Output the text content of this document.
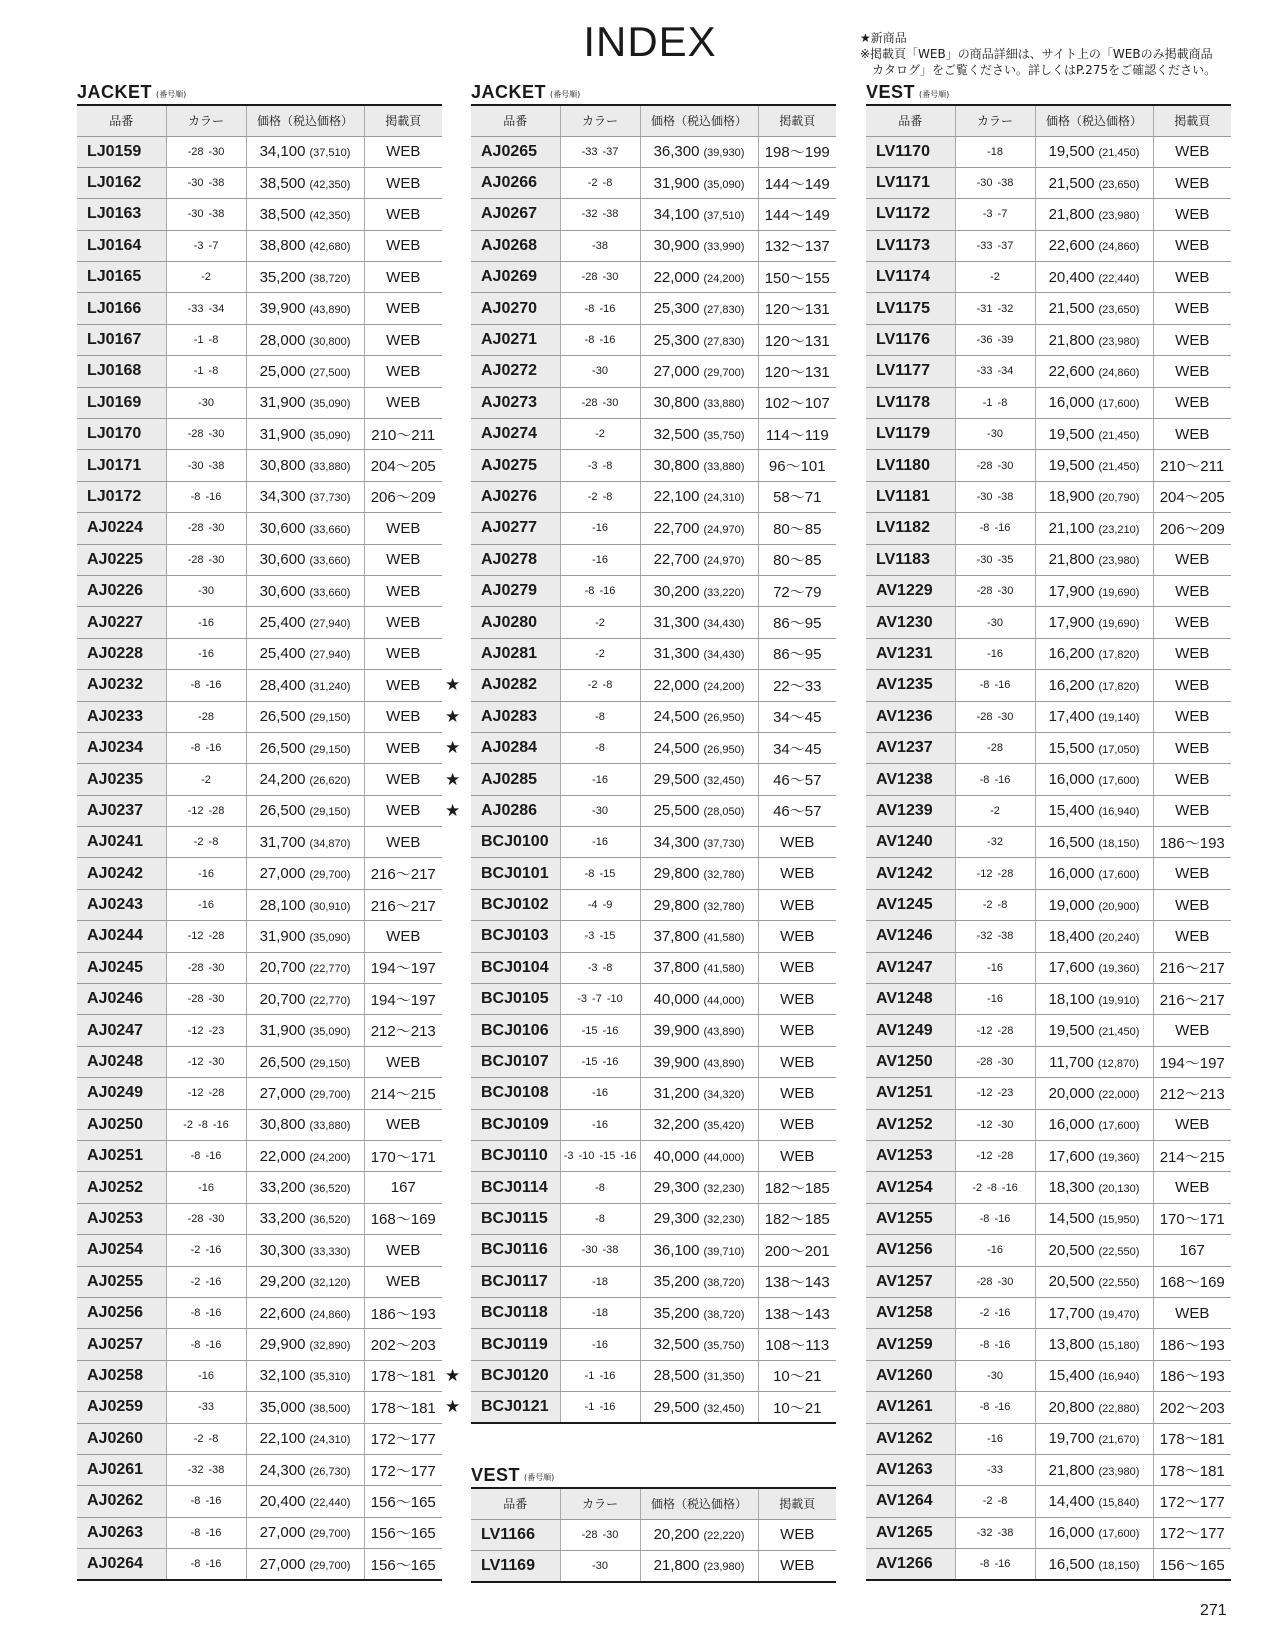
INDEX	★新商品
※掲載頁「WEB」の商品詳細は、サイト上の「WEBのみ掲載商品
カタログ」をご覧ください。詳しくはP.275をご確認ください。
JACKET (番号順)
品番	カラー	価格（税込価格）	掲載頁
LJ0159	-28 -30	34,100 (37,510)	WEB
LJ0162	-30 -38	38,500 (42,350)	WEB
LJ0163	-30 -38	38,500 (42,350)	WEB
LJ0164	-3 -7	38,800 (42,680)	WEB
LJ0165	-2	35,200 (38,720)	WEB
LJ0166	-33 -34	39,900 (43,890)	WEB
LJ0167	-1 -8	28,000 (30,800)	WEB
LJ0168	-1 -8	25,000 (27,500)	WEB
LJ0169	-30	31,900 (35,090)	WEB
LJ0170	-28 -30	31,900 (35,090)	210〜211
LJ0171	-30 -38	30,800 (33,880)	204〜205
LJ0172	-8 -16	34,300 (37,730)	206〜209
AJ0224	-28 -30	30,600 (33,660)	WEB
AJ0225	-28 -30	30,600 (33,660)	WEB
AJ0226	-30	30,600 (33,660)	WEB
AJ0227	-16	25,400 (27,940)	WEB
AJ0228	-16	25,400 (27,940)	WEB
AJ0232	-8 -16	28,400 (31,240)	WEB
AJ0233	-28	26,500 (29,150)	WEB
AJ0234	-8 -16	26,500 (29,150)	WEB
AJ0235	-2	24,200 (26,620)	WEB
AJ0237	-12 -28	26,500 (29,150)	WEB
AJ0241	-2 -8	31,700 (34,870)	WEB
AJ0242	-16	27,000 (29,700)	216〜217
AJ0243	-16	28,100 (30,910)	216〜217
AJ0244	-12 -28	31,900 (35,090)	WEB
AJ0245	-28 -30	20,700 (22,770)	194〜197
AJ0246	-28 -30	20,700 (22,770)	194〜197
AJ0247	-12 -23	31,900 (35,090)	212〜213
AJ0248	-12 -30	26,500 (29,150)	WEB
AJ0249	-12 -28	27,000 (29,700)	214〜215
AJ0250	-2 -8 -16	30,800 (33,880)	WEB
AJ0251	-8 -16	22,000 (24,200)	170〜171
AJ0252	-16	33,200 (36,520)	167
AJ0253	-28 -30	33,200 (36,520)	168〜169
AJ0254	-2 -16	30,300 (33,330)	WEB
AJ0255	-2 -16	29,200 (32,120)	WEB
AJ0256	-8 -16	22,600 (24,860)	186〜193
AJ0257	-8 -16	29,900 (32,890)	202〜203
AJ0258	-16	32,100 (35,310)	178〜181
AJ0259	-33	35,000 (38,500)	178〜181
AJ0260	-2 -8	22,100 (24,310)	172〜177
AJ0261	-32 -38	24,300 (26,730)	172〜177
AJ0262	-8 -16	20,400 (22,440)	156〜165
AJ0263	-8 -16	27,000 (29,700)	156〜165
AJ0264	-8 -16	27,000 (29,700)	156〜165
JACKET (番号順)
品番	カラー	価格（税込価格）	掲載頁
AJ0265	-33 -37	36,300 (39,930)	198〜199
AJ0266	-2 -8	31,900 (35,090)	144〜149
AJ0267	-32 -38	34,100 (37,510)	144〜149
AJ0268	-38	30,900 (33,990)	132〜137
AJ0269	-28 -30	22,000 (24,200)	150〜155
AJ0270	-8 -16	25,300 (27,830)	120〜131
AJ0271	-8 -16	25,300 (27,830)	120〜131
AJ0272	-30	27,000 (29,700)	120〜131
AJ0273	-28 -30	30,800 (33,880)	102〜107
AJ0274	-2	32,500 (35,750)	114〜119
AJ0275	-3 -8	30,800 (33,880)	96〜101
AJ0276	-2 -8	22,100 (24,310)	58〜71
AJ0277	-16	22,700 (24,970)	80〜85
AJ0278	-16	22,700 (24,970)	80〜85
AJ0279	-8 -16	30,200 (33,220)	72〜79
AJ0280	-2	31,300 (34,430)	86〜95
AJ0281	-2	31,300 (34,430)	86〜95

★ AJ0282	-2 -8	22,000 (24,200)	22〜33

★ AJ0283	-8	24,500 (26,950)	34〜45

★ AJ0284	-8	24,500 (26,950)	34〜45

★ AJ0285	-16	29,500 (32,450)	46〜57

★ AJ0286	-30	25,500 (28,050)	46〜57
BCJ0100	-16	34,300 (37,730)	WEB
BCJ0101	-8 -15	29,800 (32,780)	WEB
BCJ0102	-4 -9	29,800 (32,780)	WEB
BCJ0103	-3 -15	37,800 (41,580)	WEB
BCJ0104	-3 -8	37,800 (41,580)	WEB
BCJ0105	-3 -7 -10	40,000 (44,000)	WEB
BCJ0106	-15 -16	39,900 (43,890)	WEB
BCJ0107	-15 -16	39,900 (43,890)	WEB
BCJ0108	-16	31,200 (34,320)	WEB
BCJ0109	-16	32,200 (35,420)	WEB
BCJ0110	-3 -10 -15 -16	40,000 (44,000)	WEB
BCJ0114	-8	29,300 (32,230)	182〜185
BCJ0115	-8	29,300 (32,230)	182〜185
BCJ0116	-30 -38	36,100 (39,710)	200〜201
BCJ0117	-18	35,200 (38,720)	138〜143
BCJ0118	-18	35,200 (38,720)	138〜143
BCJ0119	-16	32,500 (35,750)	108〜113

★ BCJ0120	-1 -16	28,500 (31,350)	10〜21

★ BCJ0121	-1 -16	29,500 (32,450)	10〜21
VEST (番号順)
品番	カラー	価格（税込価格）	掲載頁
LV1166	-28 -30	20,200 (22,220)	WEB
LV1169	-30	21,800 (23,980)	WEB
VEST (番号順)
品番	カラー	価格（税込価格）	掲載頁
LV1170	-18	19,500 (21,450)	WEB
LV1171	-30 -38	21,500 (23,650)	WEB
LV1172	-3 -7	21,800 (23,980)	WEB
LV1173	-33 -37	22,600 (24,860)	WEB
LV1174	-2	20,400 (22,440)	WEB
LV1175	-31 -32	21,500 (23,650)	WEB
LV1176	-36 -39	21,800 (23,980)	WEB
LV1177	-33 -34	22,600 (24,860)	WEB
LV1178	-1 -8	16,000 (17,600)	WEB
LV1179	-30	19,500 (21,450)	WEB
LV1180	-28 -30	19,500 (21,450)	210〜211
LV1181	-30 -38	18,900 (20,790)	204〜205
LV1182	-8 -16	21,100 (23,210)	206〜209
LV1183	-30 -35	21,800 (23,980)	WEB
AV1229	-28 -30	17,900 (19,690)	WEB
AV1230	-30	17,900 (19,690)	WEB
AV1231	-16	16,200 (17,820)	WEB
AV1235	-8 -16	16,200 (17,820)	WEB
AV1236	-28 -30	17,400 (19,140)	WEB
AV1237	-28	15,500 (17,050)	WEB
AV1238	-8 -16	16,000 (17,600)	WEB
AV1239	-2	15,400 (16,940)	WEB
AV1240	-32	16,500 (18,150)	186〜193
AV1242	-12 -28	16,000 (17,600)	WEB
AV1245	-2 -8	19,000 (20,900)	WEB
AV1246	-32 -38	18,400 (20,240)	WEB
AV1247	-16	17,600 (19,360)	216〜217
AV1248	-16	18,100 (19,910)	216〜217
AV1249	-12 -28	19,500 (21,450)	WEB
AV1250	-28 -30	11,700 (12,870)	194〜197
AV1251	-12 -23	20,000 (22,000)	212〜213
AV1252	-12 -30	16,000 (17,600)	WEB
AV1253	-12 -28	17,600 (19,360)	214〜215
AV1254	-2 -8 -16	18,300 (20,130)	WEB
AV1255	-8 -16	14,500 (15,950)	170〜171
AV1256	-16	20,500 (22,550)	167
AV1257	-28 -30	20,500 (22,550)	168〜169
AV1258	-2 -16	17,700 (19,470)	WEB
AV1259	-8 -16	13,800 (15,180)	186〜193
AV1260	-30	15,400 (16,940)	186〜193
AV1261	-8 -16	20,800 (22,880)	202〜203
AV1262	-16	19,700 (21,670)	178〜181
AV1263	-33	21,800 (23,980)	178〜181
AV1264	-2 -8	14,400 (15,840)	172〜177
AV1265	-32 -38	16,000 (17,600)	172〜177
AV1266	-8 -16	16,500 (18,150)	156〜165
271
